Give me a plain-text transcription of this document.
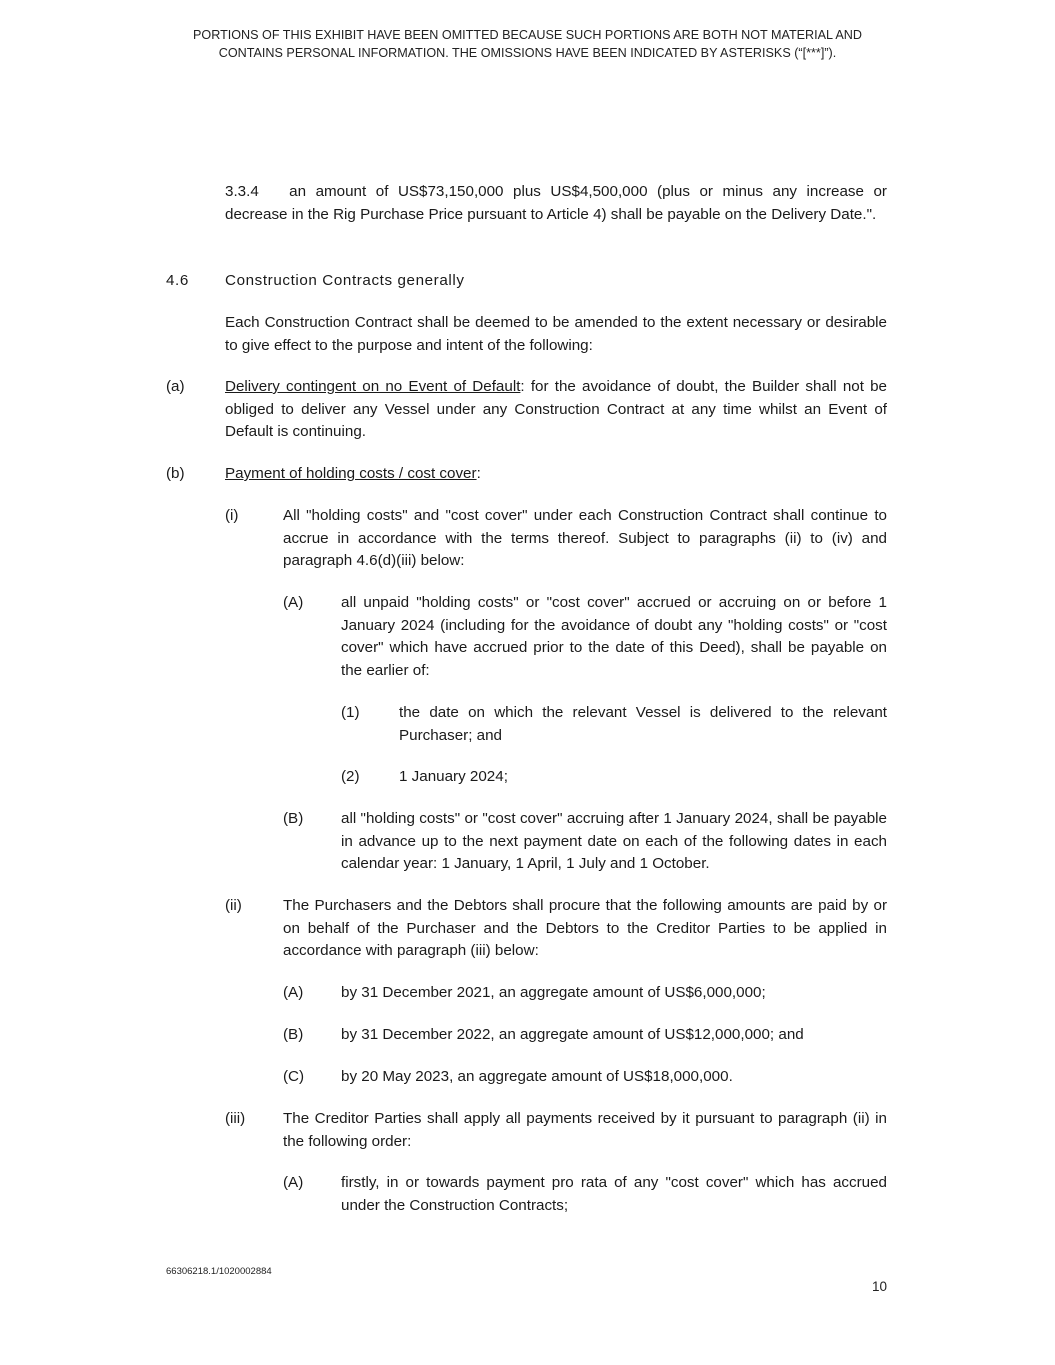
PORTIONS OF THIS EXHIBIT HAVE BEEN OMITTED BECAUSE SUCH PORTIONS ARE BOTH NOT MATERIAL AND
CONTAINS PERSONAL INFORMATION. THE OMISSIONS HAVE BEEN INDICATED BY ASTERISKS (“[***]”).
3.3.4  an amount of US$73,150,000 plus US$4,500,000 (plus or minus any increase or decrease in the Rig Purchase Price pursuant to Article 4) shall be payable on the Delivery Date.".
4.6 Construction Contracts generally
Each Construction Contract shall be deemed to be amended to the extent necessary or desirable to give effect to the purpose and intent of the following:
(a)	Delivery contingent on no Event of Default: for the avoidance of doubt, the Builder shall not be obliged to deliver any Vessel under any Construction Contract at any time whilst an Event of Default is continuing.
(b)	Payment of holding costs / cost cover:
(i)	All "holding costs" and "cost cover" under each Construction Contract shall continue to accrue in accordance with the terms thereof. Subject to paragraphs (ii) to (iv) and paragraph 4.6(d)(iii) below:
(A) all unpaid "holding costs" or "cost cover" accrued or accruing on or before 1 January 2024 (including for the avoidance of doubt any "holding costs" or "cost cover" which have accrued prior to the date of this Deed), shall be payable on the earlier of:
(1)	the date on which the relevant Vessel is delivered to the relevant Purchaser; and
(2)	1 January 2024;
(B) all "holding costs" or "cost cover" accruing after 1 January 2024, shall be payable in advance up to the next payment date on each of the following dates in each calendar year: 1 January, 1 April, 1 July and 1 October.
(ii)	The Purchasers and the Debtors shall procure that the following amounts are paid by or on behalf of the Purchaser and the Debtors to the Creditor Parties to be applied in accordance with paragraph (iii) below:
(A) by 31 December 2021, an aggregate amount of US$6,000,000;
(B) by 31 December 2022, an aggregate amount of US$12,000,000; and
(C) by 20 May 2023, an aggregate amount of US$18,000,000.
(iii) The Creditor Parties shall apply all payments received by it pursuant to paragraph (ii) in the following order:
(A) firstly, in or towards payment pro rata of any "cost cover" which has accrued under the Construction Contracts;
66306218.1/1020002884
10
